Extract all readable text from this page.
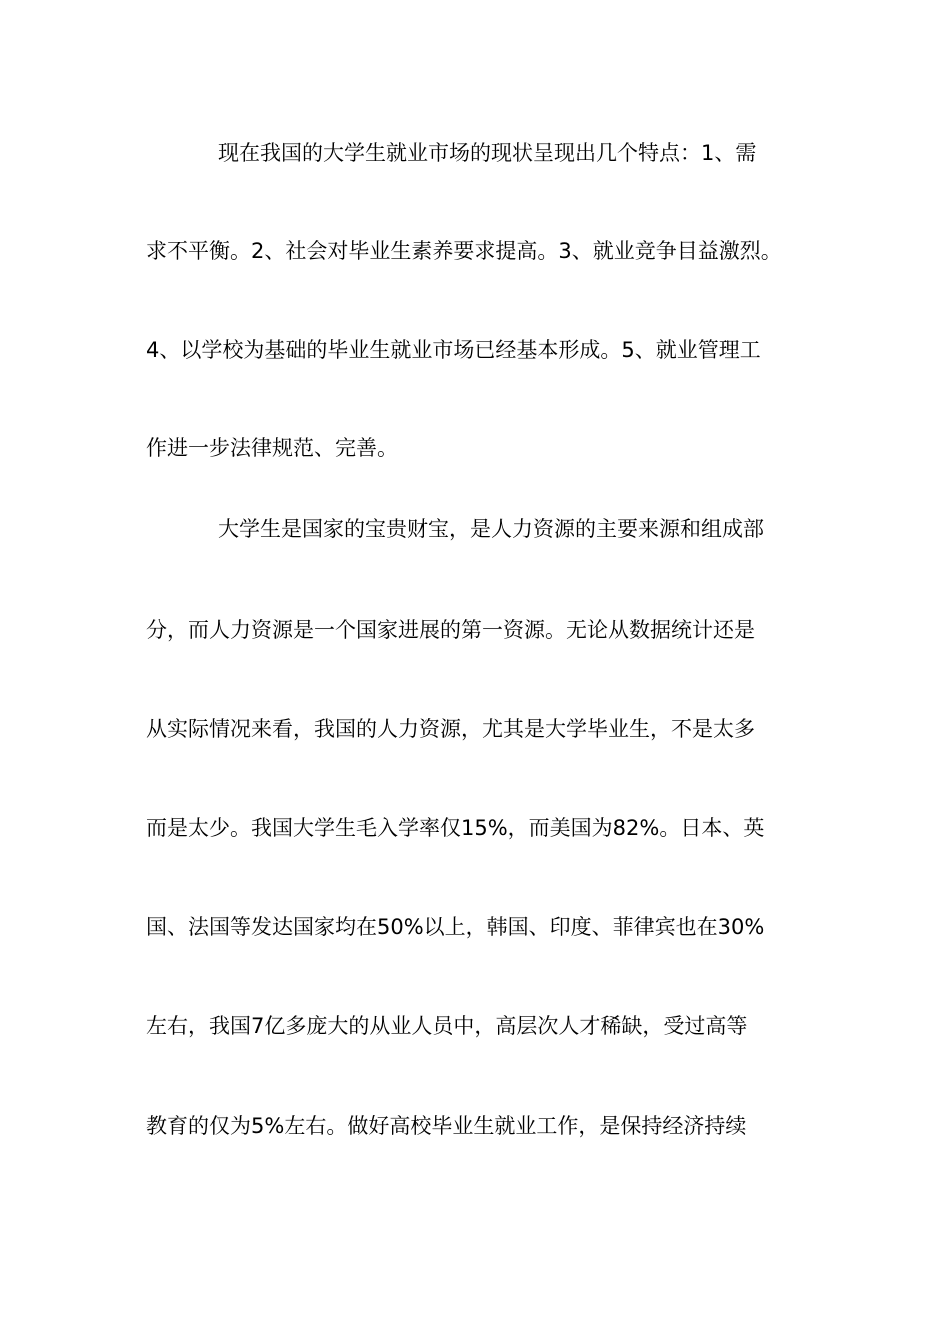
现在我国的大学生就业市场的现状呈现出几个特点：1、需
求不平衡。2、社会对毕业生素养要求提高。3、就业竞争目益激烈。
4、以学校为基础的毕业生就业市场已经基本形成。5、就业管理工
作进一步法律规范、完善。
大学生是国家的宝贵财宝，是人力资源的主要来源和组成部
分，而人力资源是一个国家进展的第一资源。无论从数据统计还是
从实际情况来看，我国的人力资源，尤其是大学毕业生，不是太多
而是太少。我国大学生毛入学率仅15%，而美国为82%。日本、英
国、法国等发达国家均在50%以上，韩国、印度、菲律宾也在30%
左右，我国7亿多庞大的从业人员中，高层次人才稀缺，受过高等
教育的仅为5%左右。做好高校毕业生就业工作，是保持经济持续
